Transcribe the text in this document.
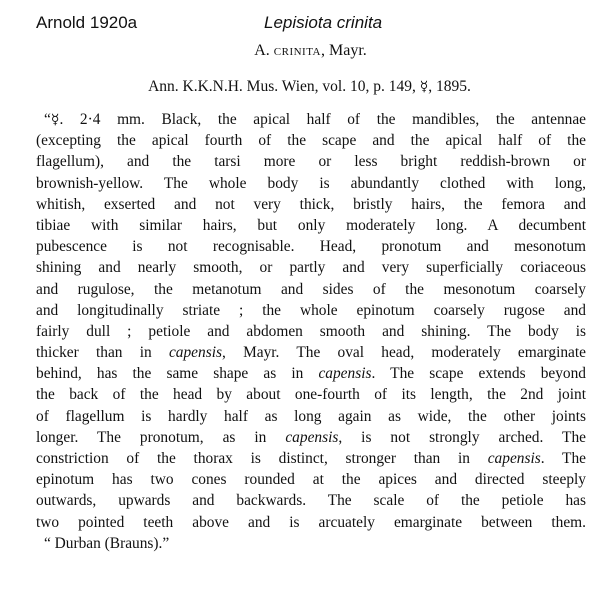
Arnold 1920a	Lepisiota crinita
A. crinita, Mayr.
Ann. K.K.N.H. Mus. Wien, vol. 10, p. 149, ☿, 1895.
“☿. 2·4 mm. Black, the apical half of the mandibles, the antennae
(excepting the apical fourth of the scape and the apical half of the
flagellum), and the tarsi more or less bright reddish-brown or
brownish-yellow. The whole body is abundantly clothed with long,
whitish, exserted and not very thick, bristly hairs, the femora and
tibiae with similar hairs, but only moderately long. A decumbent
pubescence is not recognisable. Head, pronotum and mesonotum
shining and nearly smooth, or partly and very superficially coriaceous
and rugulose, the metanotum and sides of the mesonotum coarsely
and longitudinally striate ; the whole epinotum coarsely rugose and
fairly dull ; petiole and abdomen smooth and shining. The body is
thicker than in capensis, Mayr. The oval head, moderately emarginate
behind, has the same shape as in capensis. The scape extends beyond
the back of the head by about one-fourth of its length, the 2nd joint
of flagellum is hardly half as long again as wide, the other joints
longer. The pronotum, as in capensis, is not strongly arched. The
constriction of the thorax is distinct, stronger than in capensis. The
epinotum has two cones rounded at the apices and directed steeply
outwards, upwards and backwards. The scale of the petiole has
two pointed teeth above and is arcuately emarginate between them.
“ Durban (Brauns).”
